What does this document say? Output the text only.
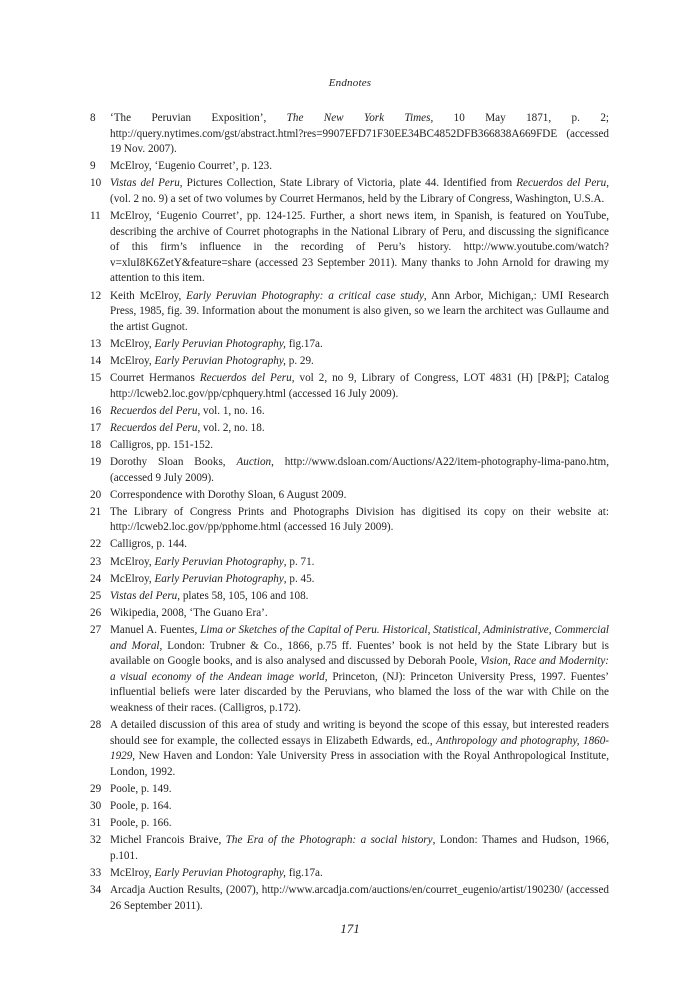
Endnotes
8	‘The Peruvian Exposition’, The New York Times, 10 May 1871, p. 2; http://query.nytimes.com/gst/abstract.html?res=9907EFD71F30EE34BC4852DFB366838A669FDE (accessed 19 Nov. 2007).
9	McElroy, ‘Eugenio Courret’, p. 123.
10 Vistas del Peru, Pictures Collection, State Library of Victoria, plate 44. Identified from Recuerdos del Peru, (vol. 2 no. 9) a set of two volumes by Courret Hermanos, held by the Library of Congress, Washington, U.S.A.
11 McElroy, ‘Eugenio Courret’, pp. 124-125. Further, a short news item, in Spanish, is featured on YouTube, describing the archive of Courret photographs in the National Library of Peru, and discussing the significance of this firm’s influence in the recording of Peru’s history. http://www.youtube.com/watch?v=xluI8K6ZetY&feature=share (accessed 23 September 2011). Many thanks to John Arnold for drawing my attention to this item.
12 Keith McElroy, Early Peruvian Photography: a critical case study, Ann Arbor, Michigan,: UMI Research Press, 1985, fig. 39. Information about the monument is also given, so we learn the architect was Gullaume and the artist Gugnot.
13 McElroy, Early Peruvian Photography, fig.17a.
14 McElroy, Early Peruvian Photography, p. 29.
15 Courret Hermanos Recuerdos del Peru, vol 2, no 9, Library of Congress, LOT 4831 (H) [P&P]; Catalog http://lcweb2.loc.gov/pp/cphquery.html (accessed 16 July 2009).
16 Recuerdos del Peru, vol. 1, no. 16.
17 Recuerdos del Peru, vol. 2, no. 18.
18 Calligros, pp. 151-152.
19 Dorothy Sloan Books, Auction, http://www.dsloan.com/Auctions/A22/item-photography-lima-pano.htm, (accessed 9 July 2009).
20 Correspondence with Dorothy Sloan, 6 August 2009.
21 The Library of Congress Prints and Photographs Division has digitised its copy on their website at: http://lcweb2.loc.gov/pp/pphome.html (accessed 16 July 2009).
22 Calligros, p. 144.
23 McElroy, Early Peruvian Photography, p. 71.
24 McElroy, Early Peruvian Photography, p. 45.
25 Vistas del Peru, plates 58, 105, 106 and 108.
26 Wikipedia, 2008, ‘The Guano Era’.
27 Manuel A. Fuentes, Lima or Sketches of the Capital of Peru. Historical, Statistical, Administrative, Commercial and Moral, London: Trubner & Co., 1866, p.75 ff. Fuentes’ book is not held by the State Library but is available on Google books, and is also analysed and discussed by Deborah Poole, Vision, Race and Modernity: a visual economy of the Andean image world, Princeton, (NJ): Princeton University Press, 1997. Fuentes’ influential beliefs were later discarded by the Peruvians, who blamed the loss of the war with Chile on the weakness of their races. (Calligros, p.172).
28 A detailed discussion of this area of study and writing is beyond the scope of this essay, but interested readers should see for example, the collected essays in Elizabeth Edwards, ed., Anthropology and photography, 1860-1929, New Haven and London: Yale University Press in association with the Royal Anthropological Institute, London, 1992.
29 Poole, p. 149.
30 Poole, p. 164.
31 Poole, p. 166.
32 Michel Francois Braive, The Era of the Photograph: a social history, London: Thames and Hudson, 1966, p.101.
33 McElroy, Early Peruvian Photography, fig.17a.
34 Arcadja Auction Results, (2007), http://www.arcadja.com/auctions/en/courret_eugenio/artist/190230/ (accessed 26 September 2011).
171
